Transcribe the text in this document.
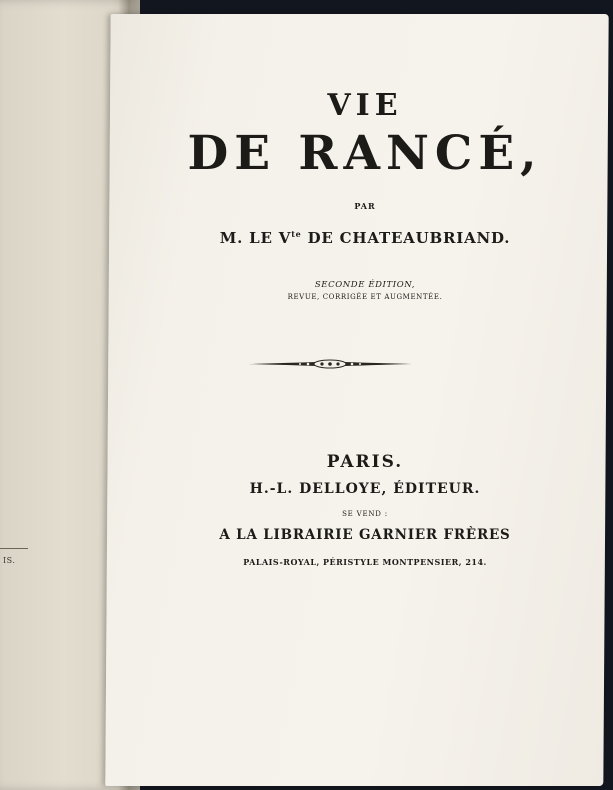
IS.
VIE
DE RANCÉ,
PAR
M. LE $V^{te}$ DE CHATEAUBRIAND.
SECONDE ÉDITION,
REVUE, CORRIGÉE ET AUGMENTÉE.
PARIS.
H.-L. DELLOYE, ÉDITEUR.
SE VEND :
A LA LIBRAIRIE GARNIER FRÈRES
PALAIS-ROYAL, PÉRISTYLE MONTPENSIER, 214.
